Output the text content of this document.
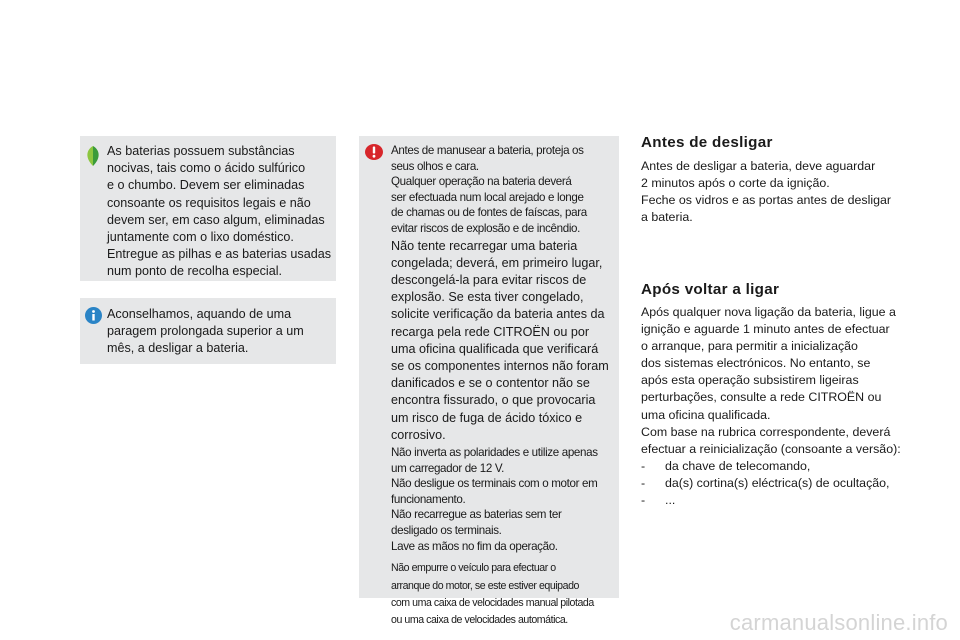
As baterias possuem substâncias

nocivas, tais como o ácido sulfúrico

e o chumbo. Devem ser eliminadas

consoante os requisitos legais e não

devem ser, em caso algum, eliminadas

juntamente com o lixo doméstico.

Entregue as pilhas e as baterias usadas

num ponto de recolha especial.

Aconselhamos, aquando de uma

paragem prolongada superior a um

mês, a desligar a bateria.

Antes de manusear a bateria, proteja os

seus olhos e cara.

Qualquer operação na bateria deverá

ser efectuada num local arejado e longe

de chamas ou de fontes de faíscas, para

evitar riscos de explosão e de incêndio.

Não tente recarregar uma bateria

congelada; deverá, em primeiro lugar,

descongelá-la para evitar riscos de

explosão. Se esta tiver congelado,

solicite verificação da bateria antes da

recarga pela rede CITROËN ou por

uma oficina qualificada que verificará

se os componentes internos não foram

danificados e se o contentor não se

encontra fissurado, o que provocaria

um risco de fuga de ácido tóxico e

corrosivo.

Não inverta as polaridades e utilize apenas

um carregador de 12 V.

Não desligue os terminais com o motor em

funcionamento.

Não recarregue as baterias sem ter

desligado os terminais.

Lave as mãos no fim da operação.

Não empurre o veículo para efectuar o

arranque do motor, se este estiver equipado

com uma caixa de velocidades manual pilotada

ou uma caixa de velocidades automática.

Antes de desligar

Antes de desligar a bateria, deve aguardar

2 minutos após o corte da ignição.

Feche os vidros e as portas antes de desligar

a bateria.

Após voltar a ligar

Após qualquer nova ligação da bateria, ligue a

ignição e aguarde 1 minuto antes de efectuar

o arranque, para permitir a inicialização

dos sistemas electrónicos. No entanto, se

após esta operação subsistirem ligeiras

perturbações, consulte a rede CITROËN ou

uma oficina qualificada.

Com base na rubrica correspondente, deverá

efectuar a reinicialização (consoante a versão):

-	da chave de telecomando,
-	da(s) cortina(s) eléctrica(s) de ocultação,
-	...
carmanualsonline.info
